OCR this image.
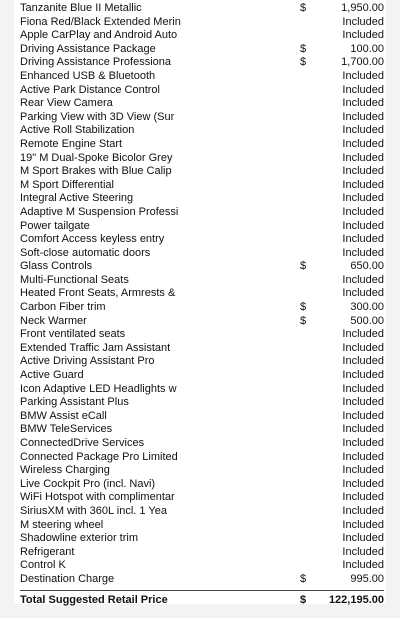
Tanzanite Blue II Metallic	$	1,950.00
Fiona Red/Black Extended Merin	Included
Apple CarPlay and Android Auto	Included
Driving Assistance Package	$	100.00
Driving Assistance Professiona	$	1,700.00
Enhanced USB & Bluetooth	Included
Active Park Distance Control	Included
Rear View Camera	Included
Parking View with 3D View (Sur	Included
Active Roll Stabilization	Included
Remote Engine Start	Included
19" M Dual-Spoke Bicolor Grey	Included
M Sport Brakes with Blue Calip	Included
M Sport Differential	Included
Integral Active Steering	Included
Adaptive M Suspension Professi	Included
Power tailgate	Included
Comfort Access keyless entry	Included
Soft-close automatic doors	Included
Glass Controls	$	650.00
Multi-Functional Seats	Included
Heated Front Seats, Armrests &	Included
Carbon Fiber trim	$	300.00
Neck Warmer	$	500.00
Front ventilated seats	Included
Extended Traffic Jam Assistant	Included
Active Driving Assistant Pro	Included
Active Guard	Included
Icon Adaptive LED Headlights w	Included
Parking Assistant Plus	Included
BMW Assist eCall	Included
BMW TeleServices	Included
ConnectedDrive Services	Included
Connected Package Pro Limited	Included
Wireless Charging	Included
Live Cockpit Pro (incl. Navi)	Included
WiFi Hotspot with complimentar	Included
SiriusXM with 360L incl. 1 Yea	Included
M steering wheel	Included
Shadowline exterior trim	Included
Refrigerant	Included
Control K	Included
Destination Charge	$	995.00
Total Suggested Retail Price	$ 122,195.00
